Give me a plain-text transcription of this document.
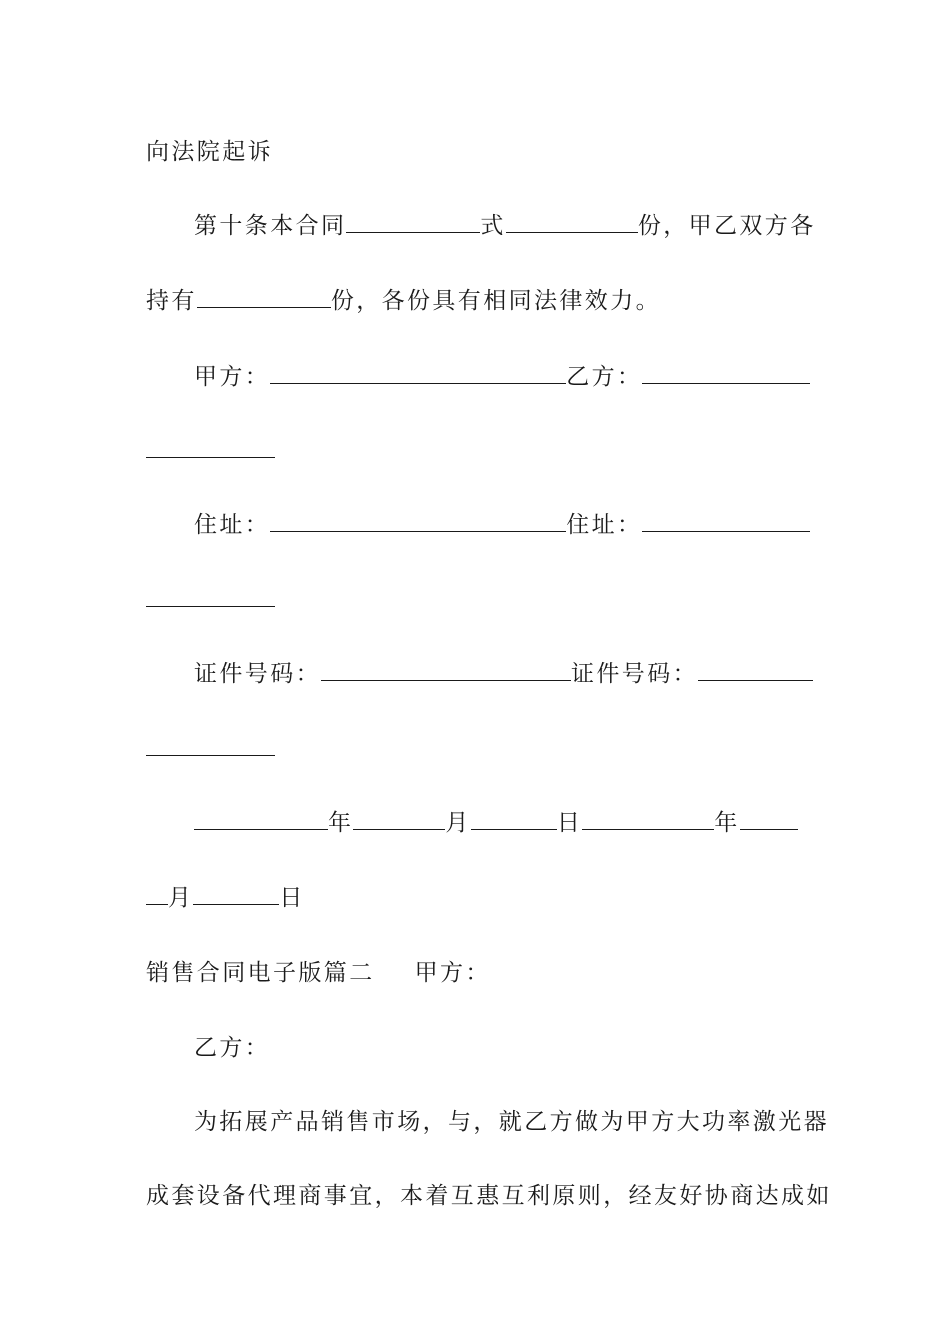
向法院起诉
第十条本合同	式	份，甲乙双方各
持有	份，各份具有相同法律效力。
甲方：	乙方：
住址：	住址：
证件号码：	证件号码：
年	月	日	年
月	日
销售合同电子版篇二 甲方：
乙方：
为拓展产品销售市场，与，就乙方做为甲方大功率激光器
成套设备代理商事宜，本着互惠互利原则，经友好协商达成如
